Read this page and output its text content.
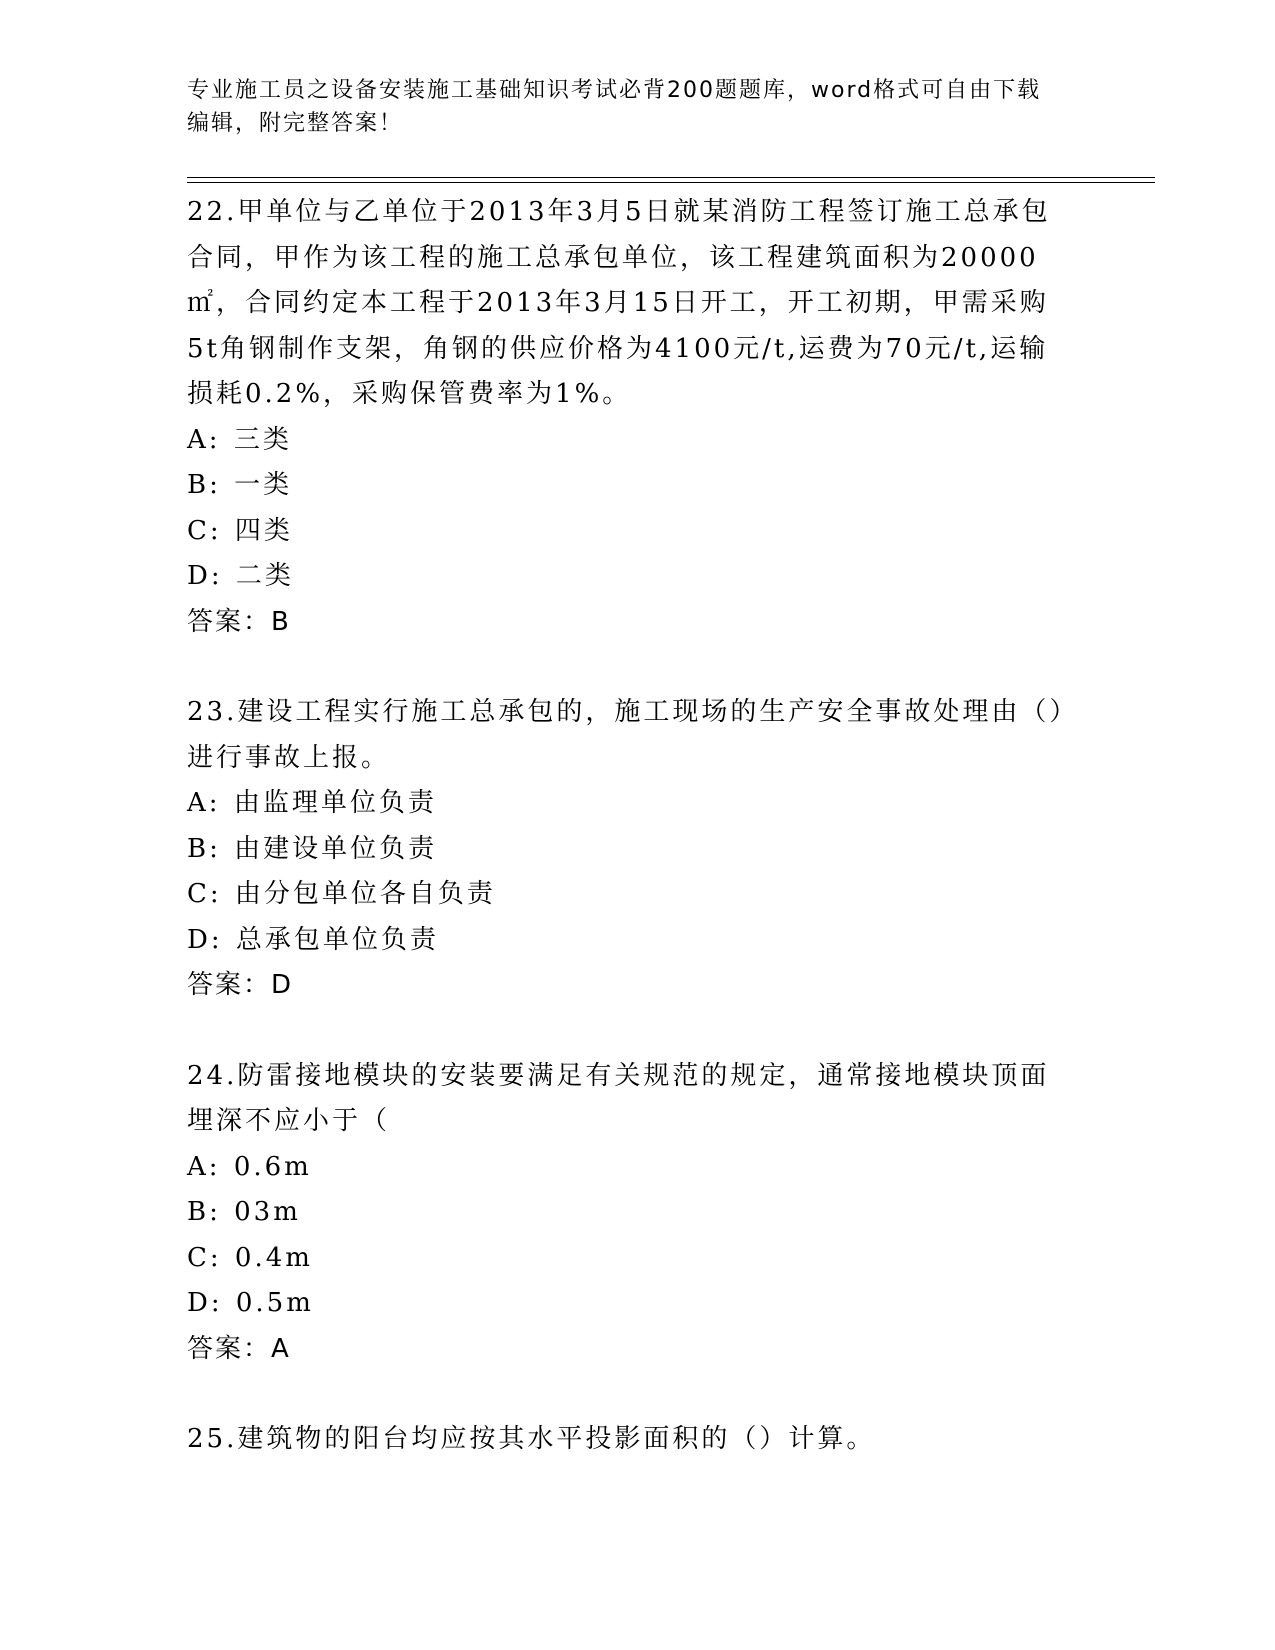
专业施工员之设备安装施工基础知识考试必背200题题库，word格式可自由下载
编辑，附完整答案！
22.甲单位与乙单位于2013年3月5日就某消防工程签订施工总承包合同，甲作为该工程的施工总承包单位，该工程建筑面积为20000㎡，合同约定本工程于2013年3月15日开工，开工初期，甲需采购5t角钢制作支架，角钢的供应价格为4100元/t,运费为70元/t,运输损耗0.2%，采购保管费率为1%。
A: 三类
B: 一类
C: 四类
D: 二类
答案：B
23.建设工程实行施工总承包的，施工现场的生产安全事故处理由（）进行事故上报。
A: 由监理单位负责
B: 由建设单位负责
C: 由分包单位各自负责
D: 总承包单位负责
答案：D
24.防雷接地模块的安装要满足有关规范的规定，通常接地模块顶面埋深不应小于（
A: 0.6m
B: 03m
C: 0.4m
D: 0.5m
答案：A
25.建筑物的阳台均应按其水平投影面积的（）计算。
